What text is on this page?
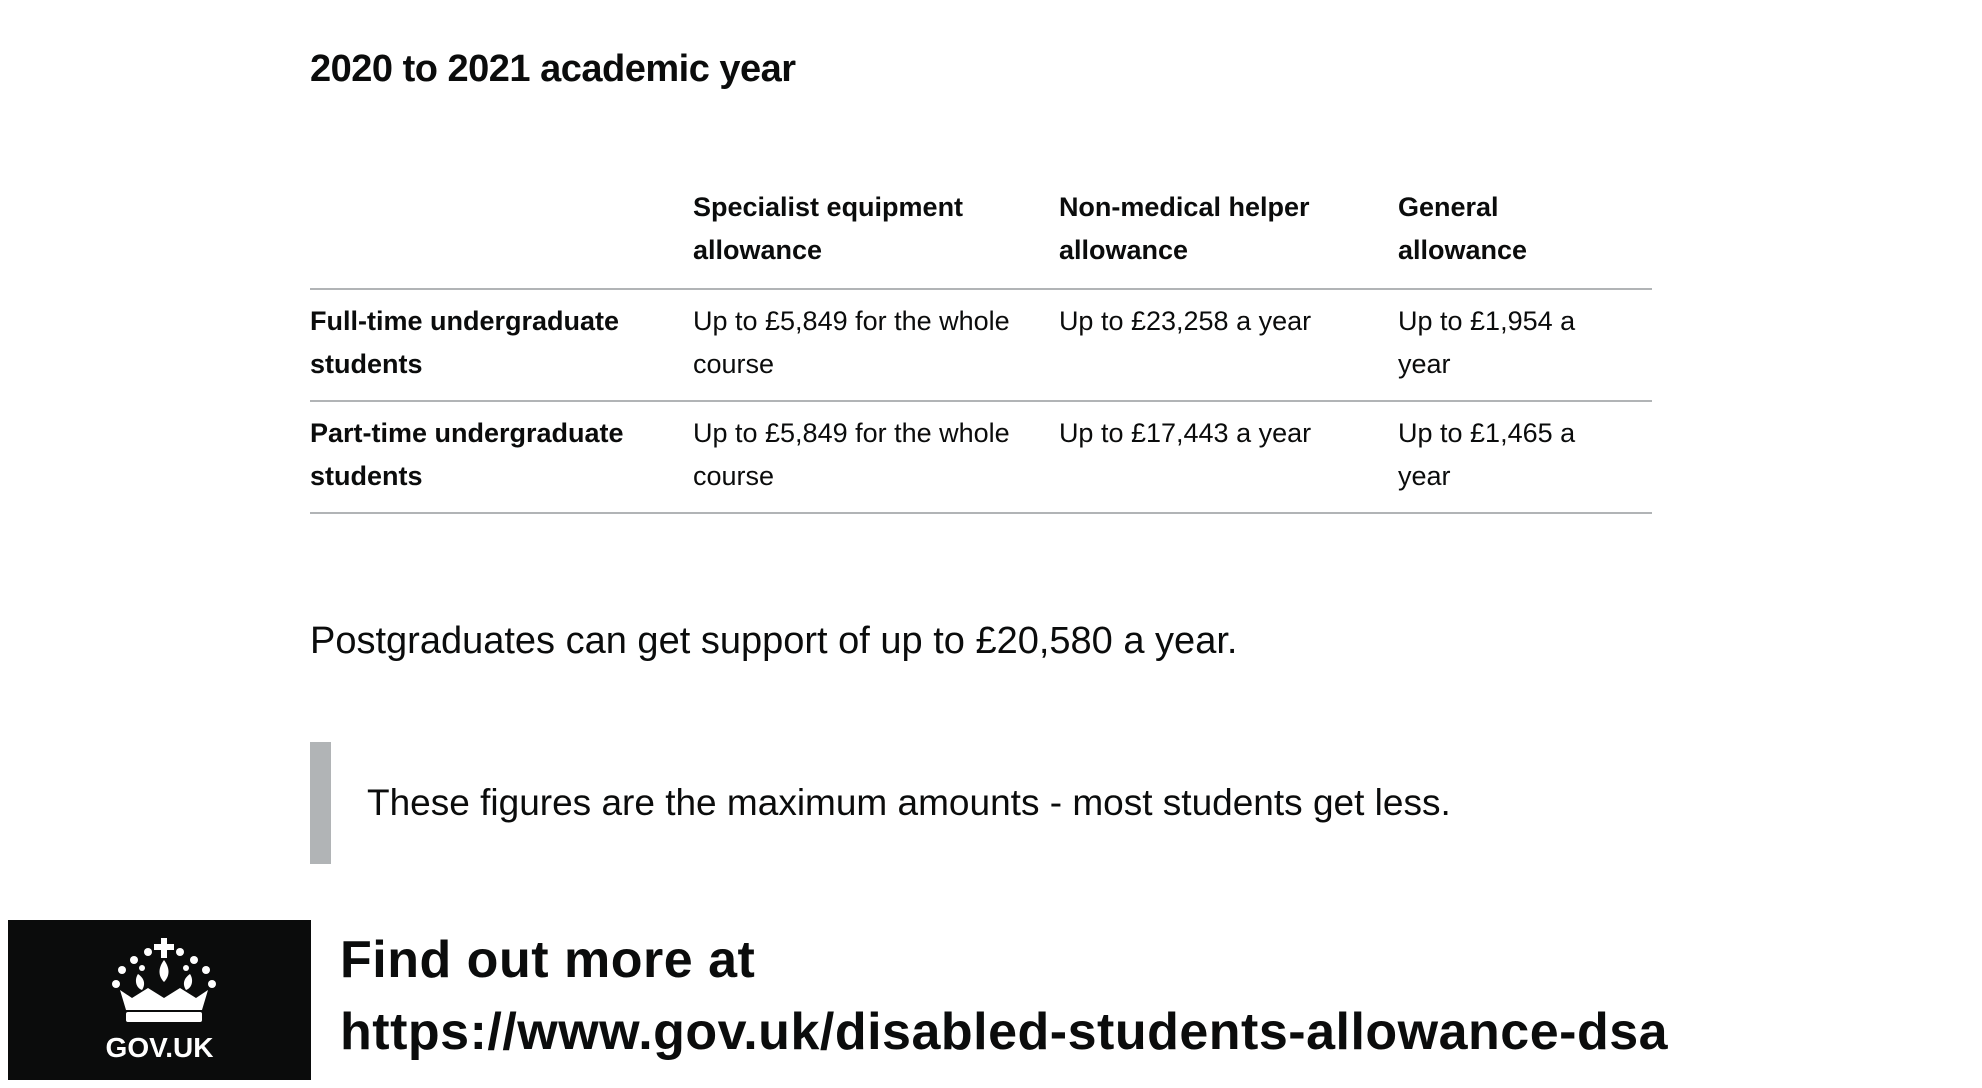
2020 to 2021 academic year
	Specialist equipment allowance	Non-medical helper allowance	General allowance
Full-time undergraduate students	Up to £5,849 for the whole course	Up to £23,258 a year	Up to £1,954 a year
Part-time undergraduate students	Up to £5,849 for the whole course	Up to £17,443 a year	Up to £1,465 a year

Postgraduates can get support of up to £20,580 a year.

These figures are the maximum amounts - most students get less.

GOV.UK

Find out more at

https://www.gov.uk/disabled-students-allowance-dsa
